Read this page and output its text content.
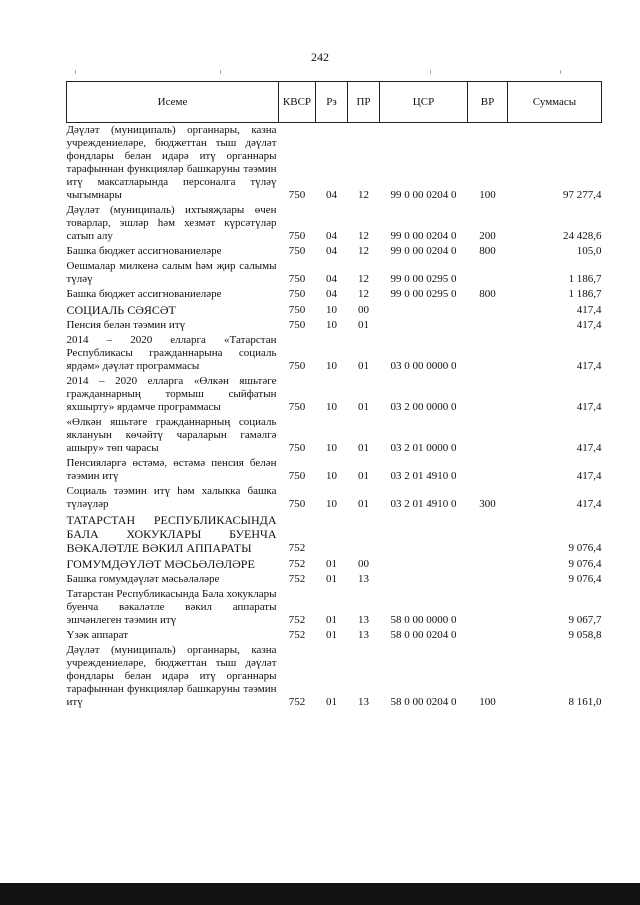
242
Исеме	КВСР	Рз	ПР	ЦСР	ВР	Суммасы
Дәүләт (муниципаль) органнары, казна учреждениеләре, бюджеттан тыш дәүләт фондлары белән идарә итү органнары тарафыннан функцияләр башкаруны тәэмин итү максатларында персоналга түләү чыгымнары	750	04	12	99 0 00 0204 0	100	97 277,4
Дәүләт (муниципаль) ихтыяҗлары өчен товарлар, эшләр һәм хезмәт күрсәтүләр сатып алу	750	04	12	99 0 00 0204 0	200	24 428,6
Башка бюджет ассигнованиеләре	750	04	12	99 0 00 0204 0	800	105,0
Оешмалар милкенә салым һәм җир салымы түләү	750	04	12	99 0 00 0295 0		1 186,7
Башка бюджет ассигнованиеләре	750	04	12	99 0 00 0295 0	800	1 186,7
СОЦИАЛЬ СӘЯСӘТ	750	10	00			417,4
Пенсия белән тәэмин итү	750	10	01			417,4
2014 – 2020 елларга «Татарстан Республикасы гражданнарына социаль ярдәм» дәүләт программасы	750	10	01	03 0 00 0000 0		417,4
2014 – 2020 елларга «Өлкән яшьтәге гражданнарның тормыш сыйфатын яхшырту» ярдәмче программасы	750	10	01	03 2 00 0000 0		417,4
«Өлкән яшьтәге гражданнарның социаль яклануын көчәйтү чараларын гамәлгә ашыру» төп чарасы	750	10	01	03 2 01 0000 0		417,4
Пенсияләргә өстәмә, өстәмә пенсия белән тәэмин итү	750	10	01	03 2 01 4910 0		417,4
Социаль тәэмин итү һәм халыкка башка түләүләр	750	10	01	03 2 01 4910 0	300	417,4
ТАТАРСТАН РЕСПУБЛИКАСЫНДА БАЛА ХОКУКЛАРЫ БУЕНЧА ВӘКАЛӘТЛЕ ВӘКИЛ АППАРАТЫ	752					9 076,4
ГОМУМДӘҮЛӘТ МӘСЬӘЛӘЛӘРЕ	752	01	00			9 076,4
Башка гомумдәүләт мәсьәләләре	752	01	13			9 076,4
Татарстан Республикасында Бала хокуклары буенча вәкаләтле вәкил аппараты эшчәнлеген тәэмин итү	752	01	13	58 0 00 0000 0		9 067,7
Үзәк аппарат	752	01	13	58 0 00 0204 0		9 058,8
Дәүләт (муниципаль) органнары, казна учреждениеләре, бюджеттан тыш дәүләт фондлары белән идарә итү органнары тарафыннан функцияләр башкаруны тәэмин итү	752	01	13	58 0 00 0204 0	100	8 161,0
